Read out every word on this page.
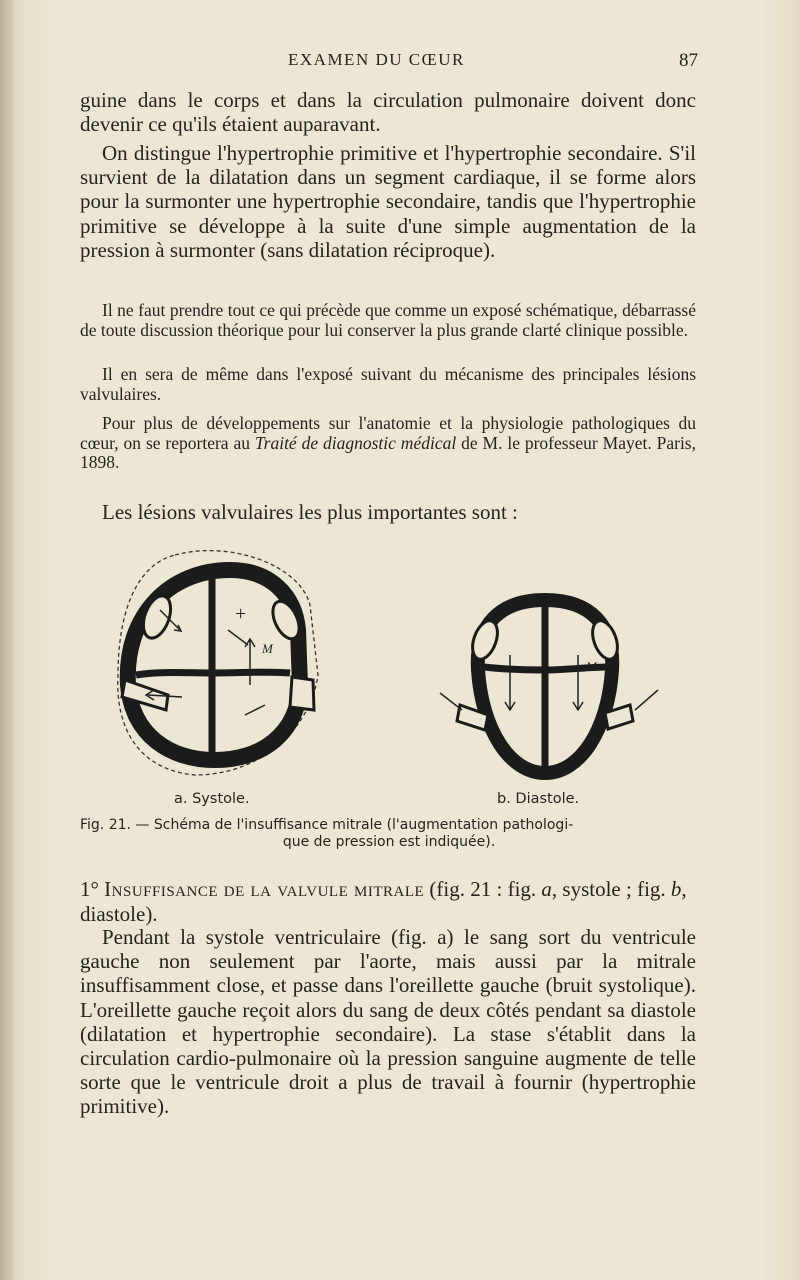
EXAMEN DU CŒUR	87

guine dans le corps et dans la circulation pulmonaire doivent donc devenir ce qu'ils étaient auparavant.

On distingue l'hypertrophie primitive et l'hypertrophie secondaire. S'il survient de la dilatation dans un segment cardiaque, il se forme alors pour la surmonter une hypertrophie secondaire, tandis que l'hypertrophie primitive se développe à la suite d'une simple augmentation de la pression à surmonter (sans dilatation réciproque).

Il ne faut prendre tout ce qui précède que comme un exposé schématique, débarrassé de toute discussion théorique pour lui conserver la plus grande clarté clinique possible.

Il en sera de même dans l'exposé suivant du mécanisme des principales lésions valvulaires.

Pour plus de développements sur l'anatomie et la physiologie pathologiques du cœur, on se reportera au Traité de diagnostic médical de M. le professeur Mayet. Paris, 1898.

Les lésions valvulaires les plus importantes sont :
+
M
M
a. Systole.	b. Diastole.
Fig. 21. — Schéma de l'insuffisance mitrale (l'augmentation pathologi-
que de pression est indiquée).
1° Insuffisance de la valvule mitrale (fig. 21 : fig. a, systole ; fig. b, diastole).

Pendant la systole ventriculaire (fig. a) le sang sort du ventricule gauche non seulement par l'aorte, mais aussi par la mitrale insuffisamment close, et passe dans l'oreillette gauche (bruit systolique). L'oreillette gauche reçoit alors du sang de deux côtés pendant sa diastole (dilatation et hypertrophie secondaire). La stase s'établit dans la circulation cardio-pulmonaire où la pression sanguine augmente de telle sorte que le ventricule droit a plus de travail à fournir (hypertrophie primitive).
